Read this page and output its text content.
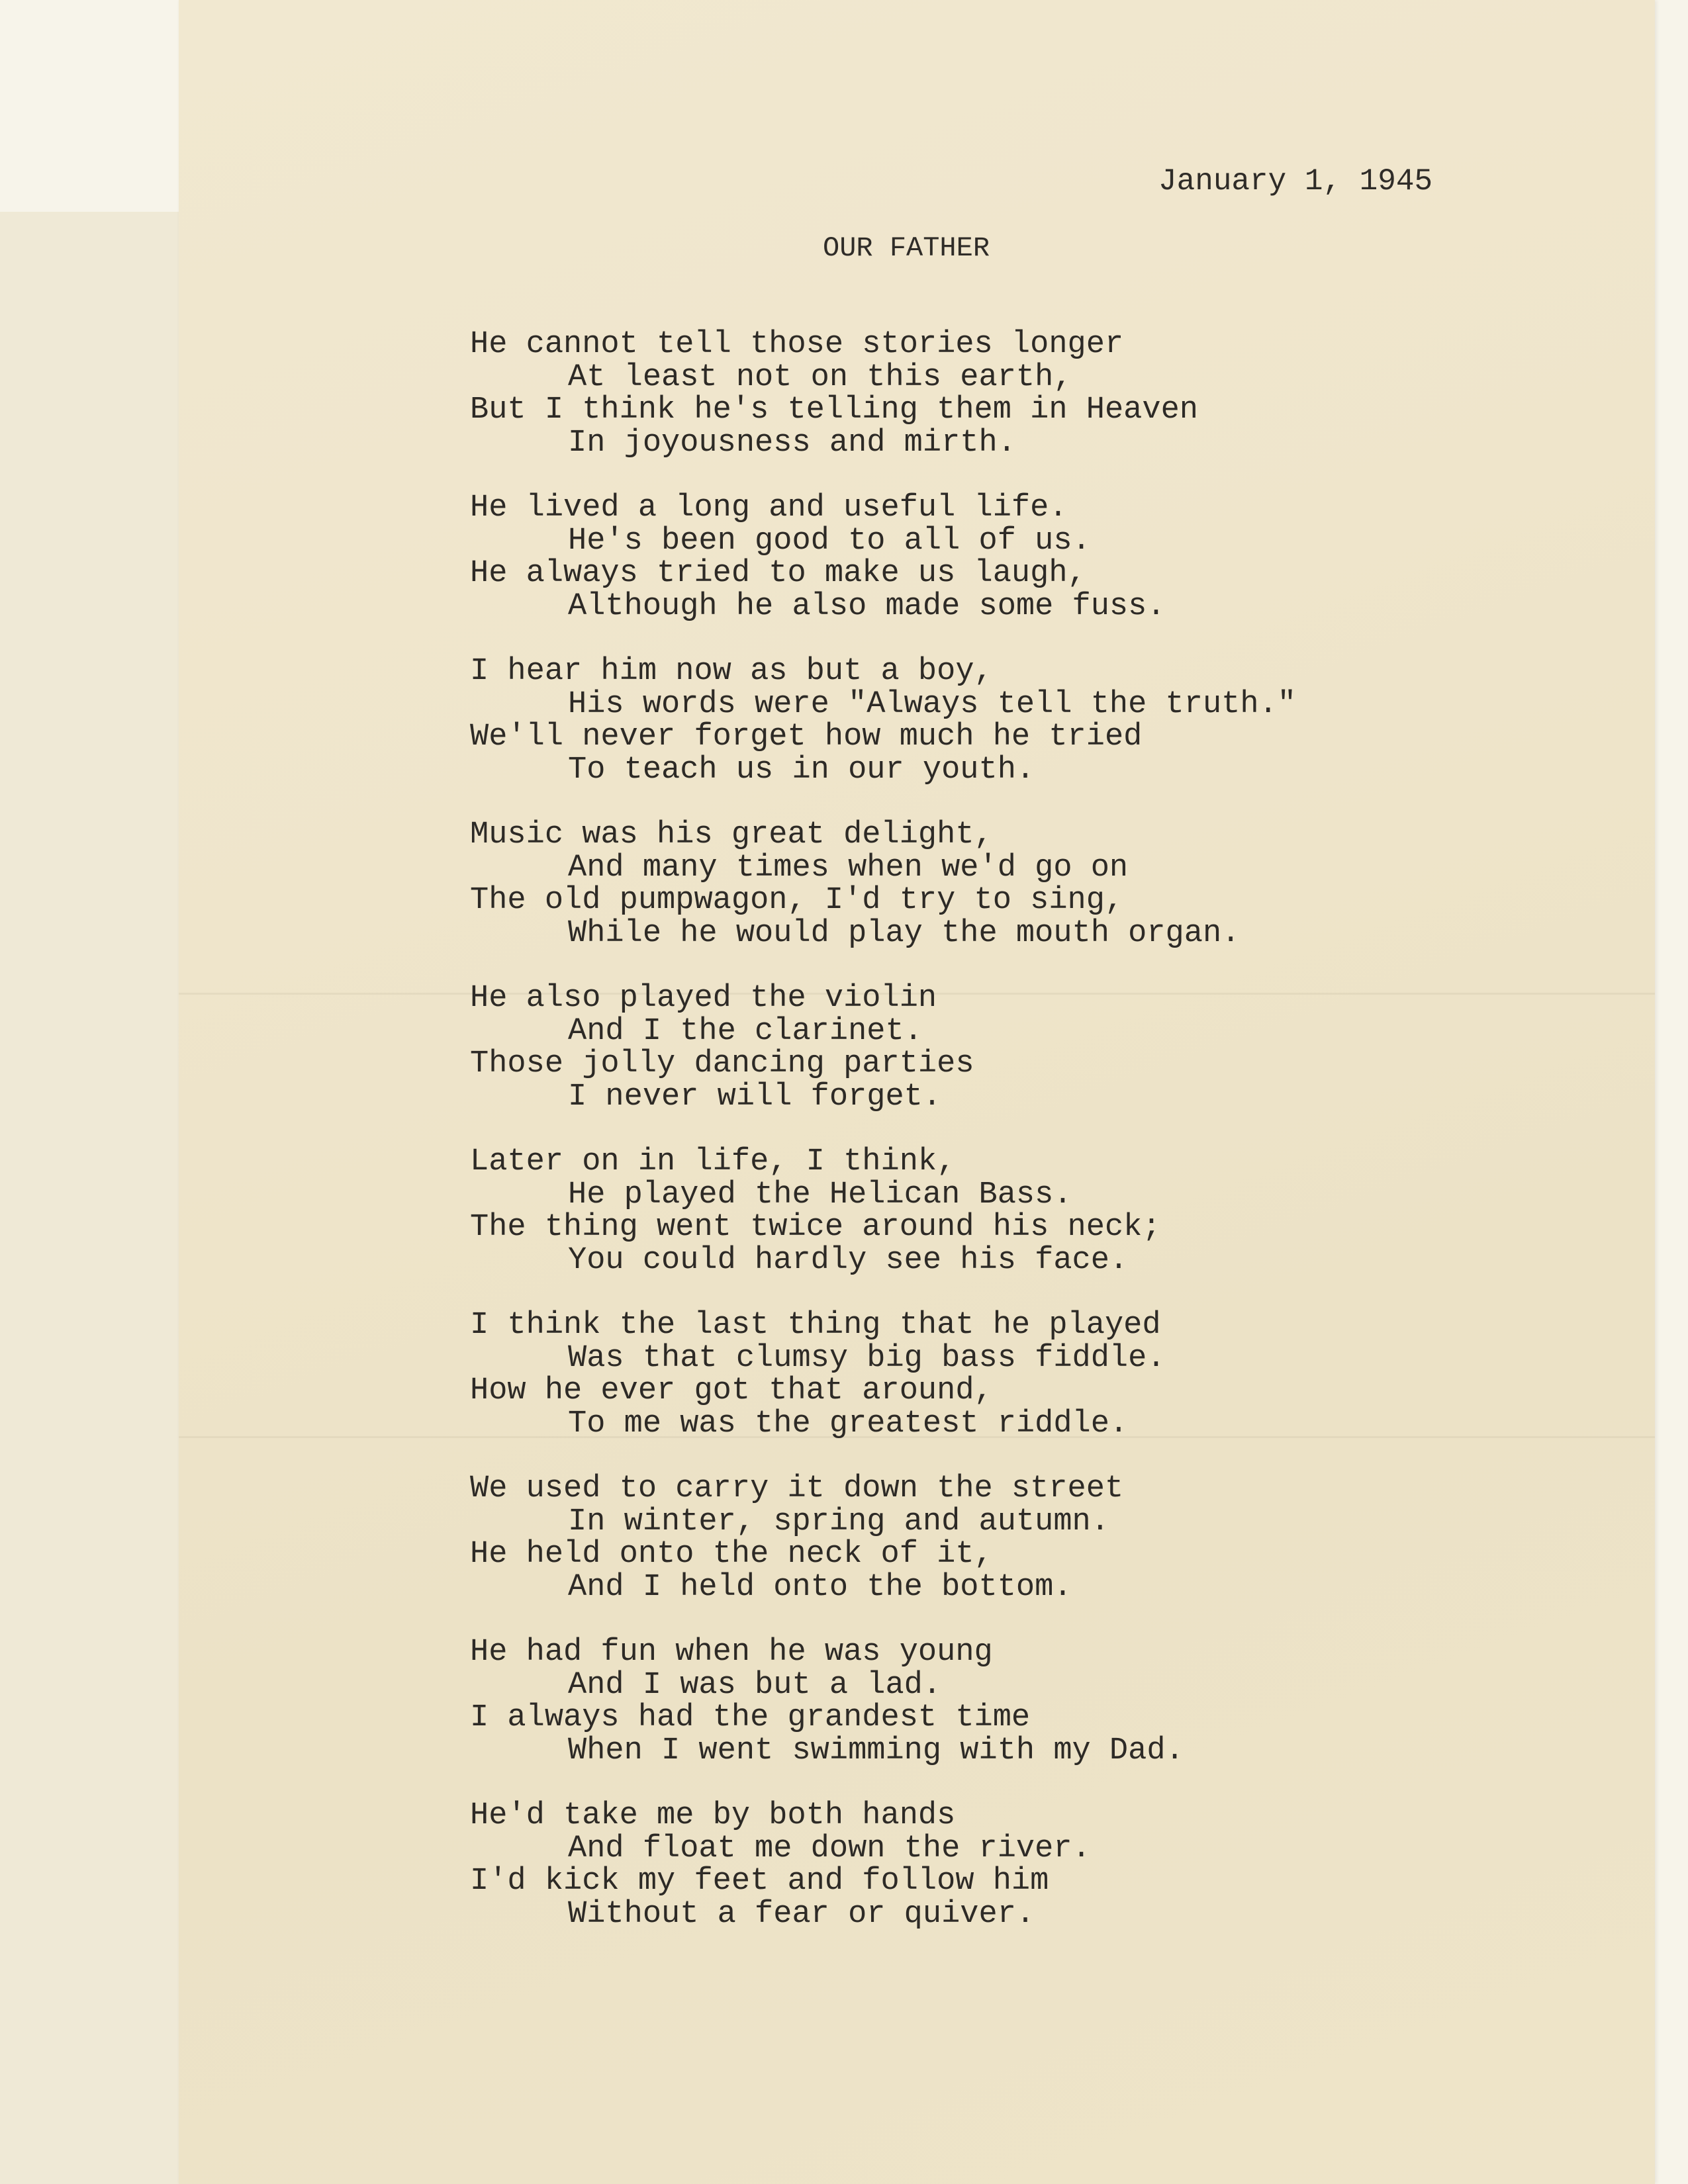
January 1, 1945
OUR FATHER
He cannot tell those stories longer
At least not on this earth,
But I think he's telling them in Heaven
In joyousness and mirth.
He lived a long and useful life.
He's been good to all of us.
He always tried to make us laugh,
Although he also made some fuss.
I hear him now as but a boy,
His words were "Always tell the truth."
We'll never forget how much he tried
To teach us in our youth.
Music was his great delight,
And many times when we'd go on
The old pumpwagon, I'd try to sing,
While he would play the mouth organ.
He also played the violin
And I the clarinet.
Those jolly dancing parties
I never will forget.
Later on in life, I think,
He played the Helican Bass.
The thing went twice around his neck;
You could hardly see his face.
I think the last thing that he played
Was that clumsy big bass fiddle.
How he ever got that around,
To me was the greatest riddle.
We used to carry it down the street
In winter, spring and autumn.
He held onto the neck of it,
And I held onto the bottom.
He had fun when he was young
And I was but a lad.
I always had the grandest time
When I went swimming with my Dad.
He'd take me by both hands
And float me down the river.
I'd kick my feet and follow him
Without a fear or quiver.
